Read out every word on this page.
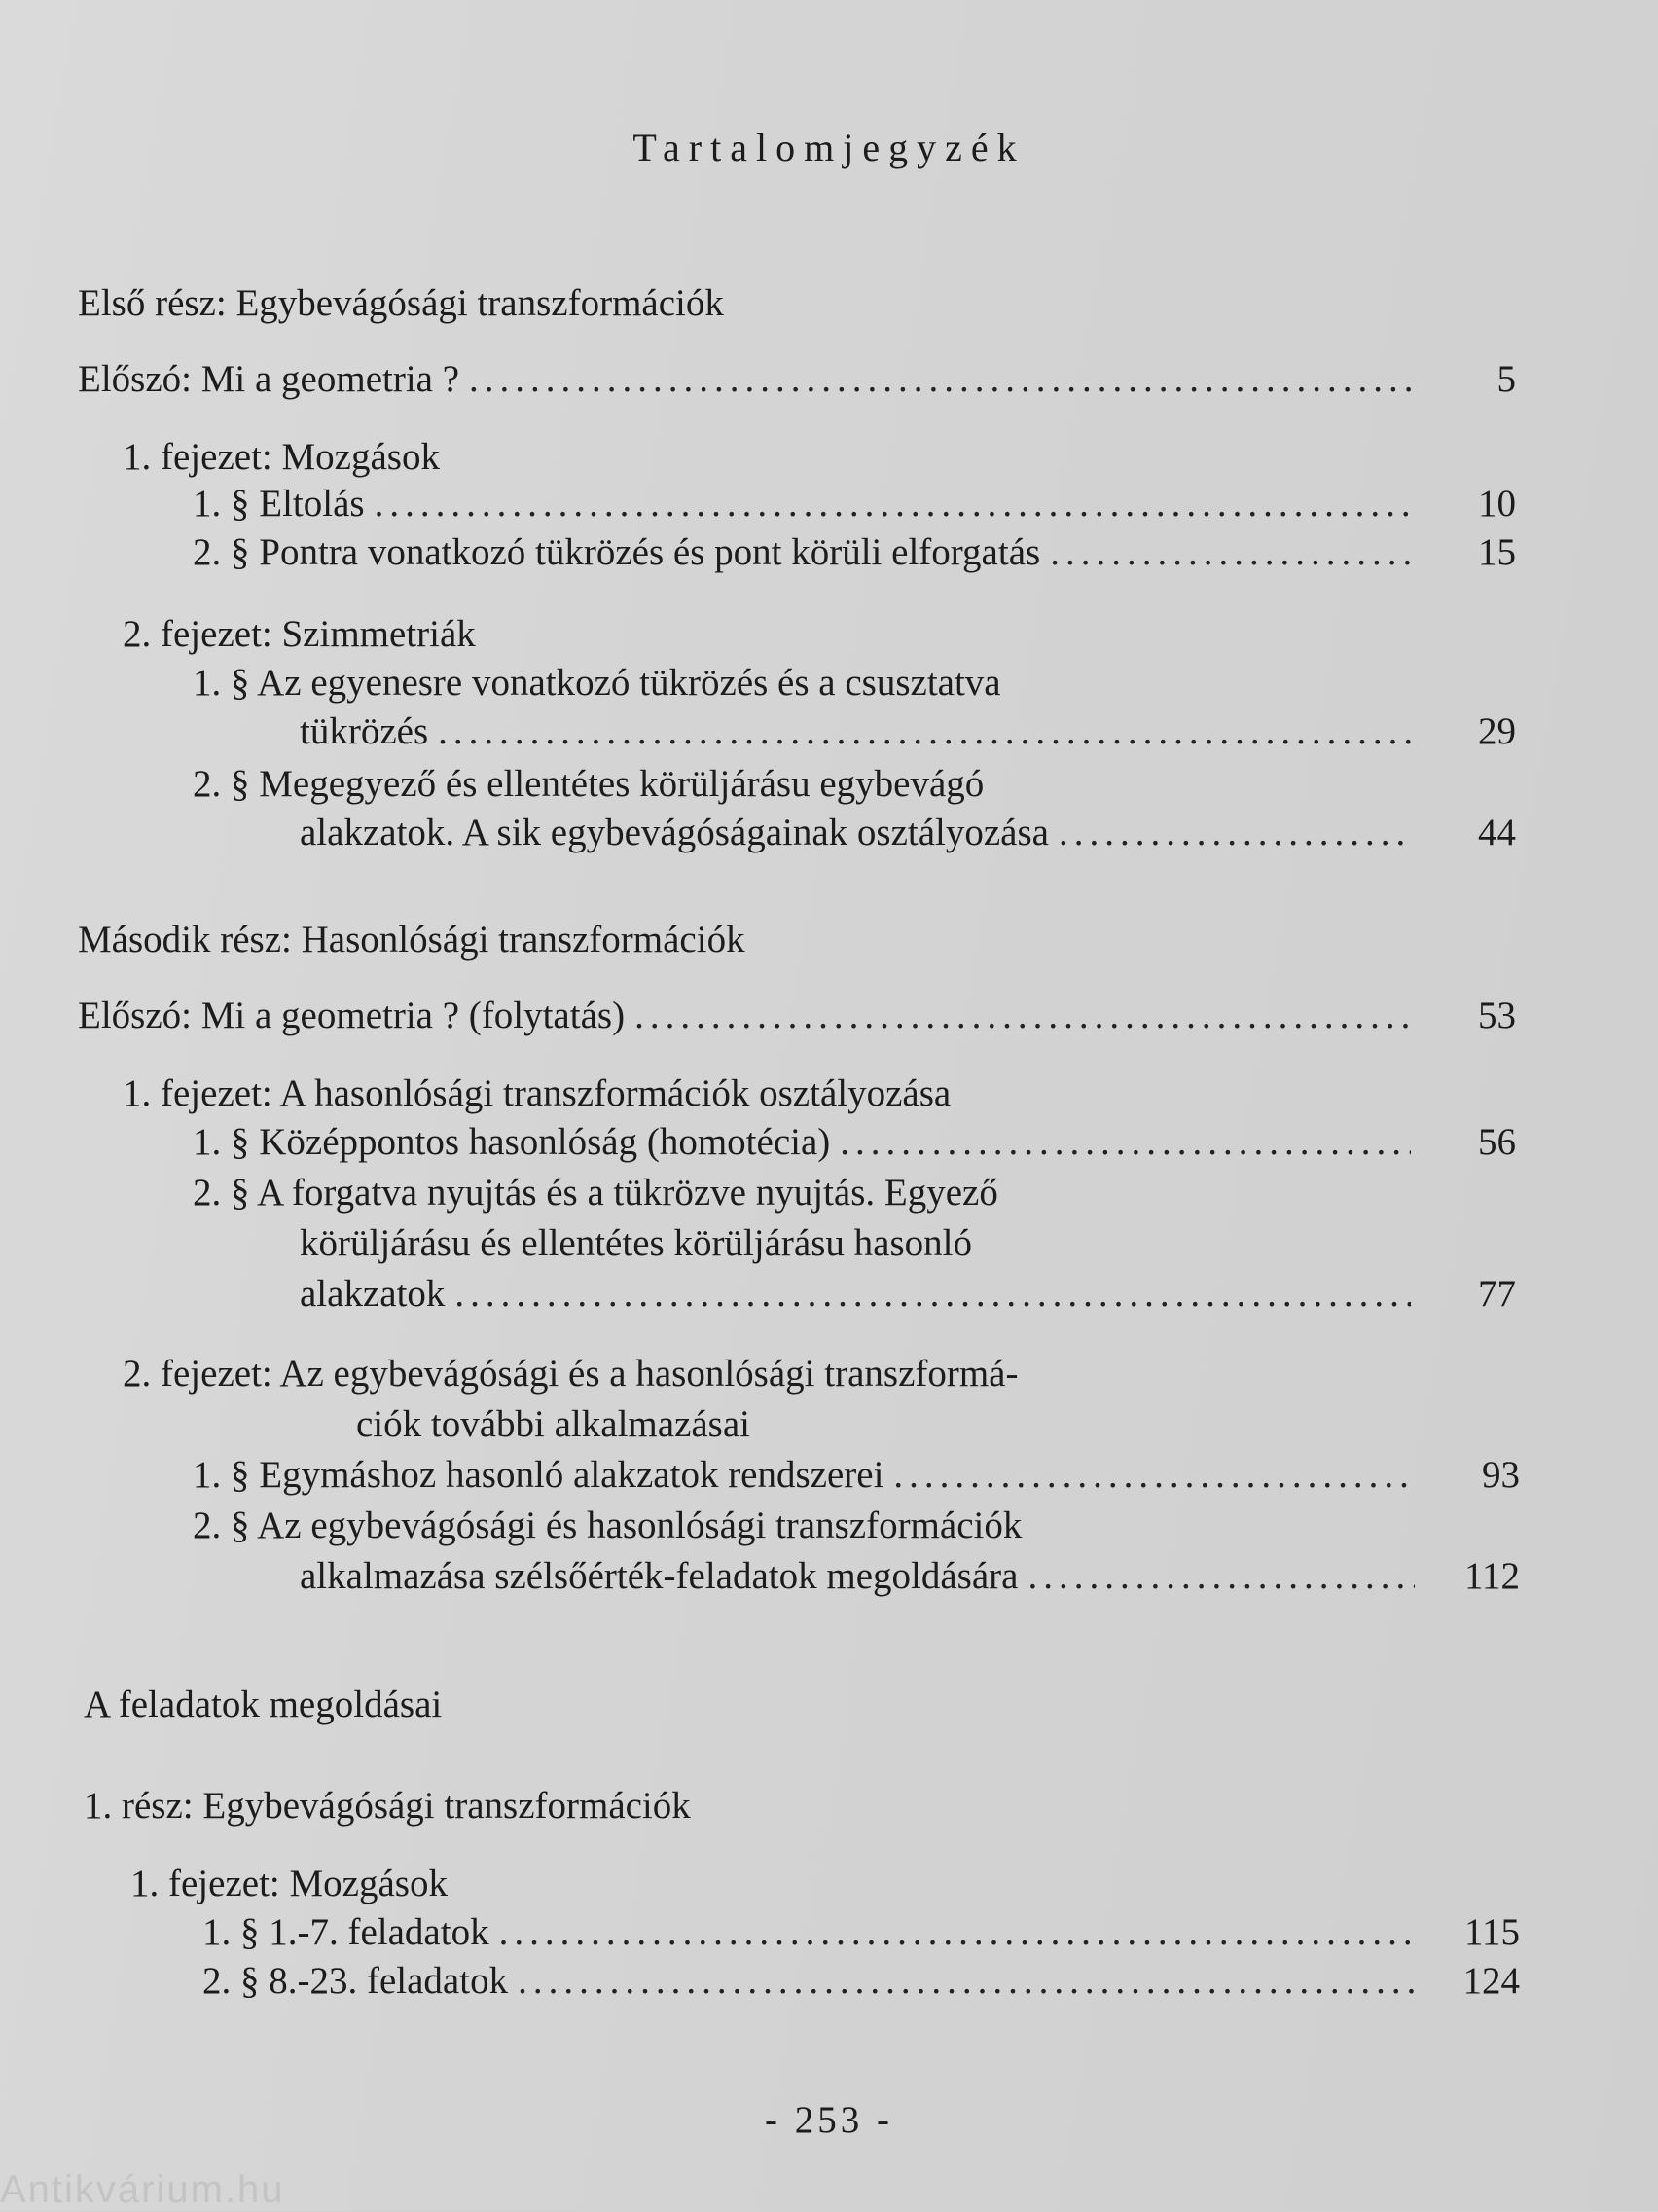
Tartalomjegyzék
Első rész: Egybevágósági transzformációk
Előszó: Mi a geometria ? .....	5
1. fejezet: Mozgások
1. § Eltolás .....	10
2. § Pontra vonatkozó tükrözés és pont körüli elforgatás .....	15
2. fejezet: Szimmetriák
1. § Az egyenesre vonatkozó tükrözés és a csusztatva
tükrözés .....	29
2. § Megegyező és ellentétes körüljárásu egybevágó
alakzatok. A sik egybevágóságainak osztályozása .....	44
Második rész: Hasonlósági transzformációk
Előszó: Mi a geometria ? (folytatás) .....	53
1. fejezet: A hasonlósági transzformációk osztályozása
1. § Középpontos hasonlóság (homotécia) .....	56
2. § A forgatva nyujtás és a tükrözve nyujtás. Egyező
körüljárásu és ellentétes körüljárásu hasonló
alakzatok .....	77
2. fejezet: Az egybevágósági és a hasonlósági transzformá-
ciók további alkalmazásai
1. § Egymáshoz hasonló alakzatok rendszerei .....	93
2. § Az egybevágósági és hasonlósági transzformációk
alkalmazása szélsőérték-feladatok megoldására .....	112
A feladatok megoldásai
1. rész: Egybevágósági transzformációk
1. fejezet: Mozgások
1. § 1.-7. feladatok .....	115
2. § 8.-23. feladatok .....	124
- 253 -
Antikvárium.hu
